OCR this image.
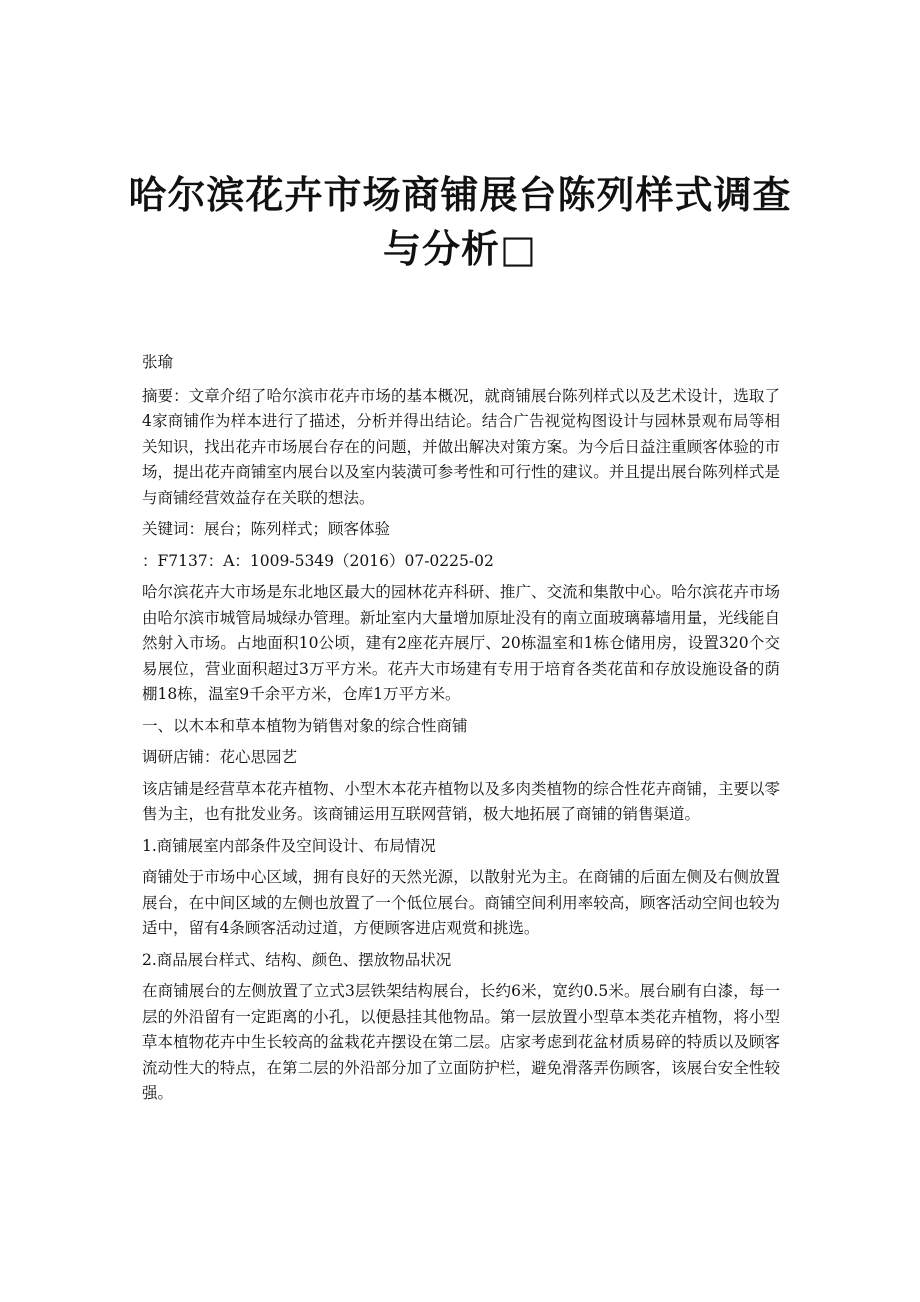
哈尔滨花卉市场商铺展台陈列样式调查与分析□

张瑜

摘要：文章介绍了哈尔滨市花卉市场的基本概况，就商铺展台陈列样式以及艺术设计，选取了4家商铺作为样本进行了描述，分析并得出结论。结合广告视觉构图设计与园林景观布局等相关知识，找出花卉市场展台存在的问题，并做出解决对策方案。为今后日益注重顾客体验的市场，提出花卉商铺室内展台以及室内装潢可参考性和可行性的建议。并且提出展台陈列样式是与商铺经营效益存在关联的想法。

关键词：展台；陈列样式；顾客体验

：F7137：A：1009-5349（2016）07-0225-02

哈尔滨花卉大市场是东北地区最大的园林花卉科研、推广、交流和集散中心。哈尔滨花卉市场由哈尔滨市城管局城绿办管理。新址室内大量增加原址没有的南立面玻璃幕墙用量，光线能自然射入市场。占地面积10公顷，建有2座花卉展厅、20栋温室和1栋仓储用房，设置320个交易展位，营业面积超过3万平方米。花卉大市场建有专用于培育各类花苗和存放设施设备的荫棚18栋，温室9千余平方米，仓库1万平方米。

一、以木本和草本植物为销售对象的综合性商铺

调研店铺：花心思园艺

该店铺是经营草本花卉植物、小型木本花卉植物以及多肉类植物的综合性花卉商铺，主要以零售为主，也有批发业务。该商铺运用互联网营销，极大地拓展了商铺的销售渠道。

1.商铺展室内部条件及空间设计、布局情况

商铺处于市场中心区域，拥有良好的天然光源，以散射光为主。在商铺的后面左侧及右侧放置展台，在中间区域的左侧也放置了一个低位展台。商铺空间利用率较高，顾客活动空间也较为适中，留有4条顾客活动过道，方便顾客进店观赏和挑选。

2.商品展台样式、结构、颜色、摆放物品状况

在商铺展台的左侧放置了立式3层铁架结构展台，长约6米，宽约0.5米。展台刷有白漆，每一层的外沿留有一定距离的小孔，以便悬挂其他物品。第一层放置小型草本类花卉植物，将小型草本植物花卉中生长较高的盆栽花卉摆设在第二层。店家考虑到花盆材质易碎的特质以及顾客流动性大的特点，在第二层的外沿部分加了立面防护栏，避免滑落弄伤顾客，该展台安全性较强。
